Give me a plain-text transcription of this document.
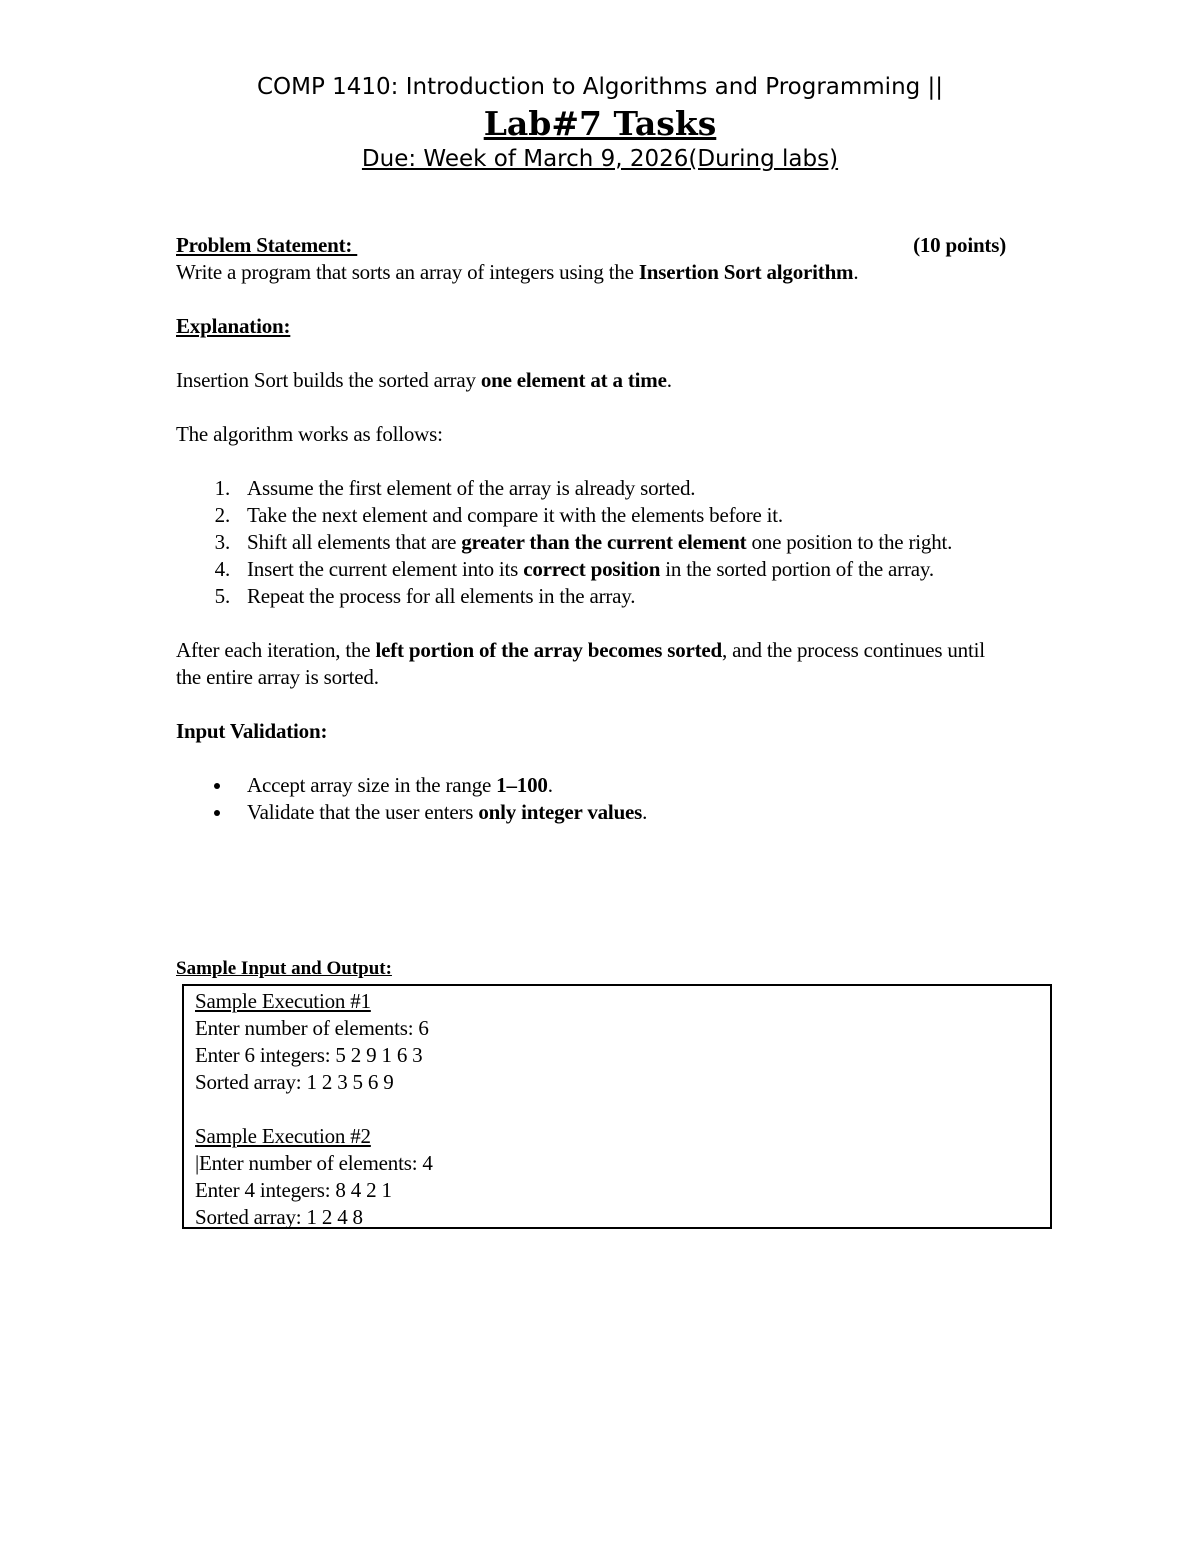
COMP 1410: Introduction to Algorithms and Programming ||
Lab#7 Tasks
Due: Week of March 9, 2026(During labs)
Problem Statement:	(10 points)

Write a program that sorts an array of integers using the Insertion Sort algorithm.

Explanation:

Insertion Sort builds the sorted array one element at a time.

The algorithm works as follows:

1. Assume the first element of the array is already sorted.
2. Take the next element and compare it with the elements before it.
3. Shift all elements that are greater than the current element one position to the right.
4. Insert the current element into its correct position in the sorted portion of the array.
5. Repeat the process for all elements in the array.

After each iteration, the left portion of the array becomes sorted, and the process continues until the entire array is sorted.

Input Validation:

Accept array size in the range 1–100.
Validate that the user enters only integer values.
Sample Input and Output:
Sample Execution #1
Enter number of elements: 6
Enter 6 integers: 5 2 9 1 6 3
Sorted array: 1 2 3 5 6 9
Sample Execution #2
|Enter number of elements: 4
Enter 4 integers: 8 4 2 1
Sorted array: 1 2 4 8
